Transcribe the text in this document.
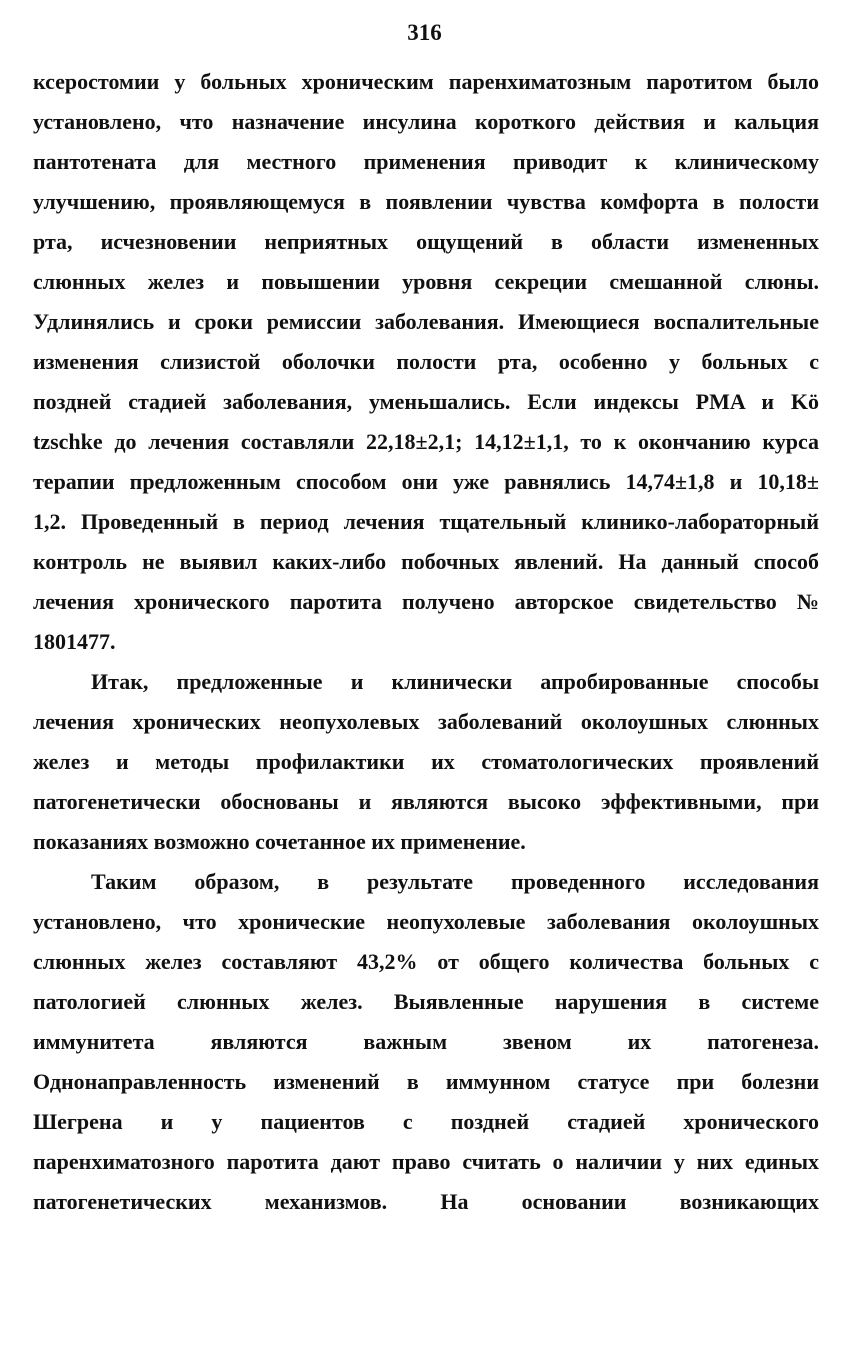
316

ксеростомии у больных хроническим паренхиматозным паротитом было
установлено, что назначение инсулина короткого действия и кальция
пантотената для местного применения приводит к клиническому
улучшению, проявляющемуся в появлении чувства комфорта в полости
рта, исчезновении неприятных ощущений в области измененных
слюнных желез и повышении уровня секреции смешанной слюны.
Удлинялись и сроки ремиссии заболевания. Имеющиеся воспалительные
изменения слизистой оболочки полости рта, особенно у больных с
поздней стадией заболевания, уменьшались. Если индексы PMA и Kö
tzschke до лечения составляли 22,18±2,1; 14,12±1,1, то к окончанию курса
терапии предложенным способом они уже равнялись 14,74±1,8 и 10,18±
1,2. Проведенный в период лечения тщательный клинико-лабораторный
контроль не выявил каких-либо побочных явлений. На данный способ
лечения хронического паротита получено авторское свидетельство №
1801477.

Итак, предложенные и клинически апробированные способы
лечения хронических неопухолевых заболеваний околоушных слюнных
желез и методы профилактики их стоматологических проявлений
патогенетически обоснованы и являются высоко эффективными, при
показаниях возможно сочетанное их применение.

Таким образом, в результате проведенного исследования
установлено, что хронические неопухолевые заболевания околоушных
слюнных желез составляют 43,2% от общего количества больных с
патологией слюнных желез. Выявленные нарушения в системе
иммунитета являются важным звеном их патогенеза.
Однонаправленность изменений в иммунном статусе при болезни
Шегрена и у пациентов с поздней стадией хронического
паренхиматозного паротита дают право считать о наличии у них единых
патогенетических механизмов. На основании возникающих
